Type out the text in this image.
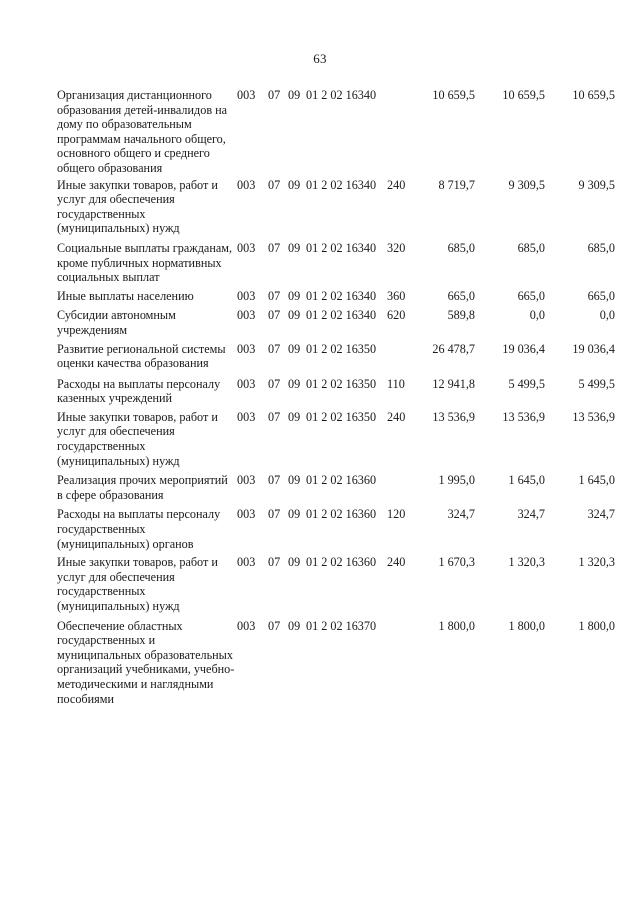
63
Организация дистанционного образования детей-инвалидов на дому по образовательным программам начального общего, основного общего и среднего общего образования
003 07 09 01 2 02 16340	10 659,5	10 659,5	10 659,5
Иные закупки товаров, работ и услуг для обеспечения государственных (муниципальных) нужд
003 07 09 01 2 02 16340 240	8 719,7	9 309,5	9 309,5
Социальные выплаты гражданам, кроме публичных нормативных социальных выплат
003 07 09 01 2 02 16340 320	685,0	685,0	685,0
Иные выплаты населению	003 07 09 01 2 02 16340 360	665,0	665,0	665,0
Субсидии автономным учреждениям
003 07 09 01 2 02 16340 620	589,8	0,0	0,0
Развитие региональной системы оценки качества образования
003 07 09 01 2 02 16350	26 478,7	19 036,4	19 036,4
Расходы на выплаты персоналу казенных учреждений
003 07 09 01 2 02 16350 110	12 941,8	5 499,5	5 499,5
Иные закупки товаров, работ и услуг для обеспечения государственных (муниципальных) нужд
003 07 09 01 2 02 16350 240	13 536,9	13 536,9	13 536,9
Реализация прочих мероприятий в сфере образования
003 07 09 01 2 02 16360	1 995,0	1 645,0	1 645,0
Расходы на выплаты персоналу государственных (муниципальных) органов
003 07 09 01 2 02 16360 120	324,7	324,7	324,7
Иные закупки товаров, работ и услуг для обеспечения государственных (муниципальных) нужд
003 07 09 01 2 02 16360 240	1 670,3	1 320,3	1 320,3
Обеспечение областных государственных и муниципальных образовательных организаций учебниками, учебно-методическими и наглядными пособиями
003 07 09 01 2 02 16370	1 800,0	1 800,0	1 800,0
